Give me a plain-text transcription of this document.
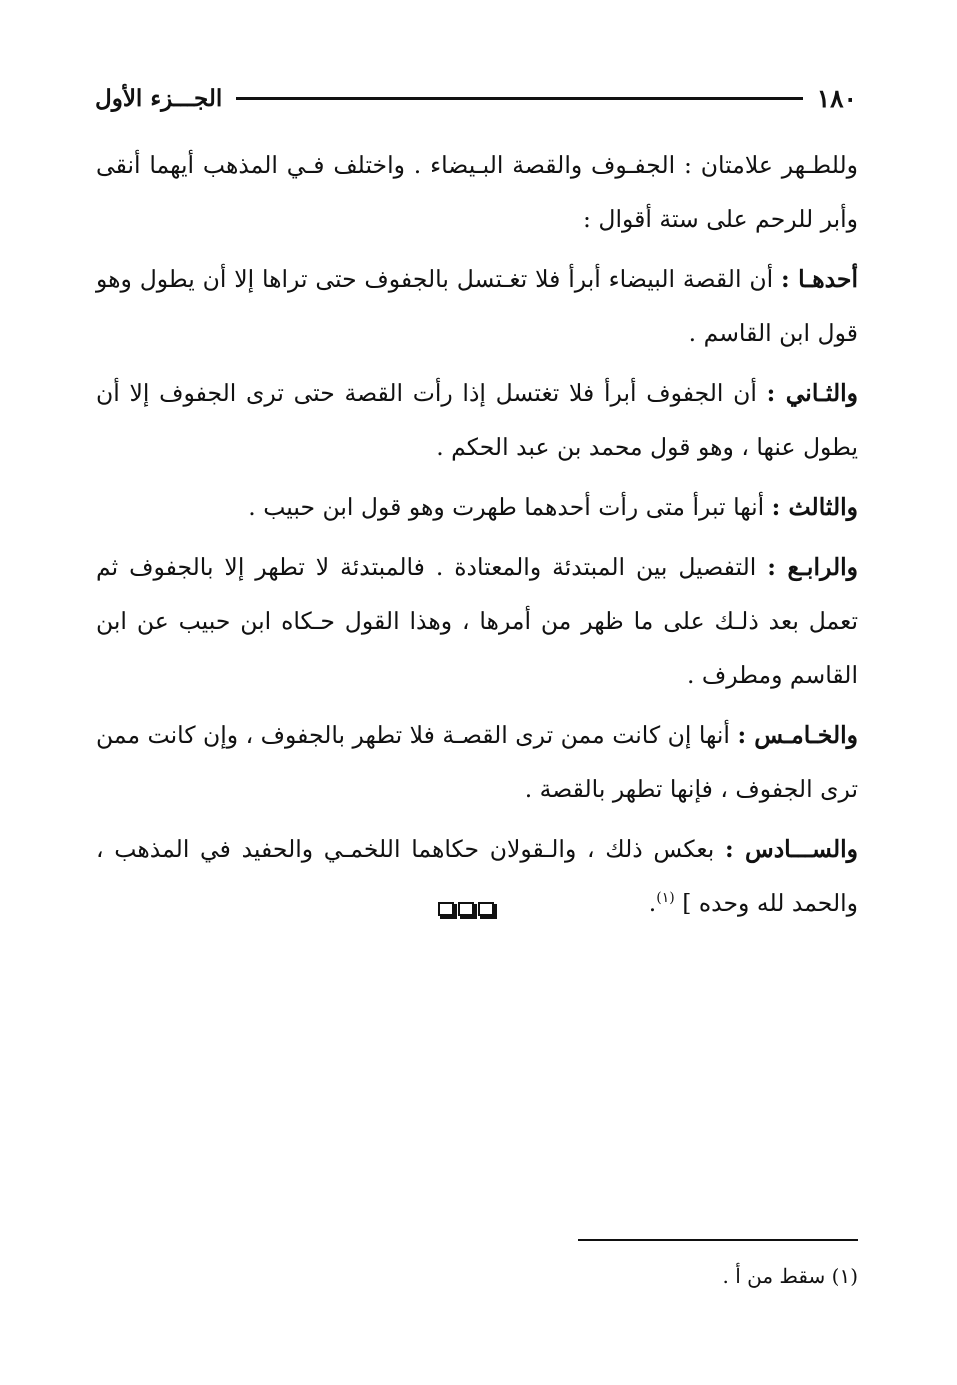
١٨٠
الجـــزء الأول

وللطـهر علامتان : الجفـوف والقصة البـيضاء . واختلف فـي المذهب أيهما أنقى وأبر للرحم على ستة أقوال :

أحدهـا : أن القصة البيضاء أبرأ فلا تغـتسل بالجفوف حتى تراها إلا أن يطول وهو قول ابن القاسم .

والثـاني : أن الجفوف أبرأ فلا تغتسل إذا رأت القصة حتى ترى الجفوف إلا أن يطول عنها ، وهو قول محمد بن عبد الحكم .

والثالث : أنها تبرأ متى رأت أحدهما طهرت وهو قول ابن حبيب .

والرابـع : التفصيل بين المبتدئة والمعتادة . فالمبتدئة لا تطهر إلا بالجفوف ثم تعمل بعد ذلـك على ما ظهر من أمرها ، وهذا القول حـكاه ابن حبيب عن ابن القاسم ومطرف .

والخـامـس : أنها إن كانت ممن ترى القصـة فلا تطهر بالجفوف ، وإن كانت ممن ترى الجفوف ، فإنها تطهر بالقصة .

والســـادس : بعكس ذلك ، والـقولان حكاهما اللخمـي والحفيد في المذهب ، والحمد لله وحده ] $^{(١)}$.

(١) سقط من أ .
